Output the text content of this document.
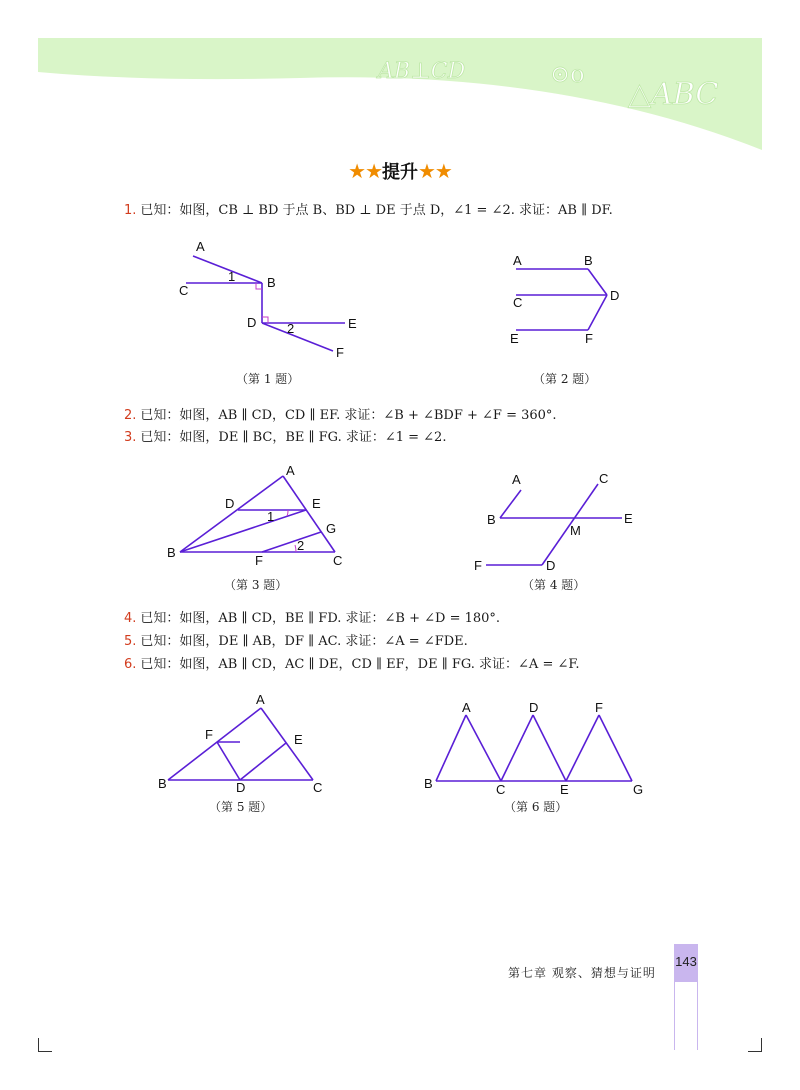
AB⊥CD	⊙o
△ABC
★★提升★★
1. 已知：如图，CB ⊥ BD 于点 B、BD ⊥ DE 于点 D，∠1 = ∠2. 求证：AB ∥ DF.
A
C
1 B
D 2	E
F
（第 1 题）
A	B
C	D
E	F
（第 2 题）
2. 已知：如图，AB ∥ CD，CD ∥ EF. 求证：∠B + ∠BDF + ∠F = 360°.
3. 已知：如图，DE ∥ BC，BE ∥ FG. 求证：∠1 = ∠2.
A
D	E
1
G
2
B
F	C
（第 3 题）
A	C
B	E
M
F	D
（第 4 题）
4. 已知：如图，AB ∥ CD，BE ∥ FD. 求证：∠B + ∠D = 180°.
5. 已知：如图，DE ∥ AB，DF ∥ AC. 求证：∠A = ∠FDE.
6. 已知：如图，AB ∥ CD，AC ∥ DE，CD ∥ EF，DE ∥ FG. 求证：∠A = ∠F.
A
F	E
B	D	C
（第 5 题）
A	D	F
B	C	E	G
（第 6 题）
第七章 观察、猜想与证明
143
